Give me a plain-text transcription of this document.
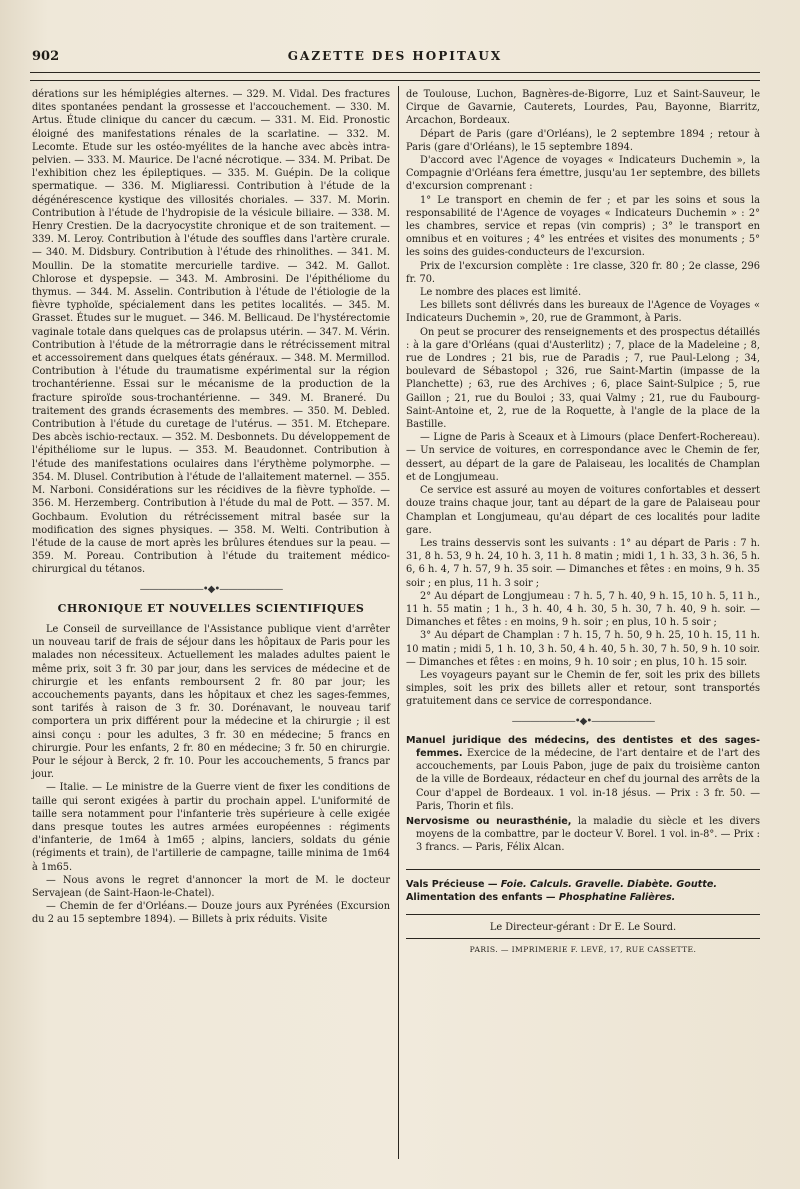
902	GAZETTE DES HOPITAUX

dérations sur les hémiplégies alternes. — 329. M. Vidal. Des fractures dites spontanées pendant la grossesse et l'accouchement. — 330. M. Artus. Étude clinique du cancer du cæcum. — 331. M. Eid. Pronostic éloigné des manifestations rénales de la scarlatine. — 332. M. Lecomte. Etude sur les ostéo-myélites de la hanche avec abcès intra-pelvien. — 333. M. Maurice. De l'acné nécrotique. — 334. M. Pribat. De l'exhibition chez les épileptiques. — 335. M. Guépin. De la colique spermatique. — 336. M. Migliaressi. Contribution à l'étude de la dégénérescence kystique des villosités choriales. — 337. M. Morin. Contribution à l'étude de l'hydropisie de la vésicule biliaire. — 338. M. Henry Crestien. De la dacryocystite chronique et de son traitement. — 339. M. Leroy. Contribution à l'étude des souffles dans l'artère crurale. — 340. M. Didsbury. Contribution à l'étude des rhinolithes. — 341. M. Moullin. De la stomatite mercurielle tardive. — 342. M. Gallot. Chlorose et dyspepsie. — 343. M. Ambrosini. De l'épithéliome du thymus. — 344. M. Asselin. Contribution à l'étude de l'étiologie de la fièvre typhoïde, spécialement dans les petites localités. — 345. M. Grasset. Études sur le muguet. — 346. M. Bellicaud. De l'hystérectomie vaginale totale dans quelques cas de prolapsus utérin. — 347. M. Vérin. Contribution à l'étude de la métrorragie dans le rétrécissement mitral et accessoirement dans quelques états généraux. — 348. M. Mermillod. Contribution à l'étude du traumatisme expérimental sur la région trochantérienne. Essai sur le mécanisme de la production de la fracture spiroïde sous-trochantérienne. — 349. M. Braneré. Du traitement des grands écrasements des membres. — 350. M. Debled. Contribution à l'étude du curetage de l'utérus. — 351. M. Etchepare. Des abcès ischio-rectaux. — 352. M. Desbonnets. Du développement de l'épithéliome sur le lupus. — 353. M. Beaudonnet. Contribution à l'étude des manifestations oculaires dans l'érythème polymorphe. — 354. M. Dlusel. Contribution à l'étude de l'allaitement maternel. — 355. M. Narboni. Considérations sur les récidives de la fièvre typhoïde. — 356. M. Herzemberg. Contribution à l'étude du mal de Pott. — 357. M. Gochbaum. Evolution du rétrécissement mitral basée sur la modification des signes physiques. — 358. M. Welti. Contribution à l'étude de la cause de mort après les brûlures étendues sur la peau. — 359. M. Poreau. Contribution à l'étude du traitement médico-chirurgical du tétanos.

———————•◆•———————
CHRONIQUE ET NOUVELLES SCIENTIFIQUES

Le Conseil de surveillance de l'Assistance publique vient d'arrêter un nouveau tarif de frais de séjour dans les hôpitaux de Paris pour les malades non nécessiteux. Actuellement les malades adultes paient le même prix, soit 3 fr. 30 par jour, dans les services de médecine et de chirurgie et les enfants remboursent 2 fr. 80 par jour; les accouchements payants, dans les hôpitaux et chez les sages-femmes, sont tarifés à raison de 3 fr. 30. Dorénavant, le nouveau tarif comportera un prix différent pour la médecine et la chirurgie ; il est ainsi conçu : pour les adultes, 3 fr. 30 en médecine; 5 francs en chirurgie. Pour les enfants, 2 fr. 80 en médecine; 3 fr. 50 en chirurgie. Pour le séjour à Berck, 2 fr. 10. Pour les accouchements, 5 francs par jour.

— Italie. — Le ministre de la Guerre vient de fixer les conditions de taille qui seront exigées à partir du prochain appel. L'uniformité de taille sera notamment pour l'infanterie très supérieure à celle exigée dans presque toutes les autres armées européennes : régiments d'infanterie, de 1m64 à 1m65 ; alpins, lanciers, soldats du génie (régiments et train), de l'artillerie de campagne, taille minima de 1m64 à 1m65.

— Nous avons le regret d'annoncer la mort de M. le docteur Servajean (de Saint-Haon-le-Chatel).

— Chemin de fer d'Orléans.— Douze jours aux Pyrénées (Excursion du 2 au 15 septembre 1894). — Billets à prix réduits. Visite

de Toulouse, Luchon, Bagnères-de-Bigorre, Luz et Saint-Sauveur, le Cirque de Gavarnie, Cauterets, Lourdes, Pau, Bayonne, Biarritz, Arcachon, Bordeaux.

Départ de Paris (gare d'Orléans), le 2 septembre 1894 ; retour à Paris (gare d'Orléans), le 15 septembre 1894.

D'accord avec l'Agence de voyages « Indicateurs Duchemin », la Compagnie d'Orléans fera émettre, jusqu'au 1er septembre, des billets d'excursion comprenant :

1° Le transport en chemin de fer ; et par les soins et sous la responsabilité de l'Agence de voyages « Indicateurs Duchemin » : 2° les chambres, service et repas (vin compris) ; 3° le transport en omnibus et en voitures ; 4° les entrées et visites des monuments ; 5° les soins des guides-conducteurs de l'excursion.

Prix de l'excursion complète : 1re classe, 320 fr. 80 ; 2e classe, 296 fr. 70.

Le nombre des places est limité.

Les billets sont délivrés dans les bureaux de l'Agence de Voyages « Indicateurs Duchemin », 20, rue de Grammont, à Paris.

On peut se procurer des renseignements et des prospectus détaillés : à la gare d'Orléans (quai d'Austerlitz) ; 7, place de la Madeleine ; 8, rue de Londres ; 21 bis, rue de Paradis ; 7, rue Paul-Lelong ; 34, boulevard de Sébastopol ; 326, rue Saint-Martin (impasse de la Planchette) ; 63, rue des Archives ; 6, place Saint-Sulpice ; 5, rue Gaillon ; 21, rue du Bouloi ; 33, quai Valmy ; 21, rue du Faubourg-Saint-Antoine et, 2, rue de la Roquette, à l'angle de la place de la Bastille.

— Ligne de Paris à Sceaux et à Limours (place Denfert-Rochereau). — Un service de voitures, en correspondance avec le Chemin de fer, dessert, au départ de la gare de Palaiseau, les localités de Champlan et de Longjumeau.

Ce service est assuré au moyen de voitures confortables et dessert douze trains chaque jour, tant au départ de la gare de Palaiseau pour Champlan et Longjumeau, qu'au départ de ces localités pour ladite gare.

Les trains desservis sont les suivants : 1° au départ de Paris : 7 h. 31, 8 h. 53, 9 h. 24, 10 h. 3, 11 h. 8 matin ; midi 1, 1 h. 33, 3 h. 36, 5 h. 6, 6 h. 4, 7 h. 57, 9 h. 35 soir. — Dimanches et fêtes : en moins, 9 h. 35 soir ; en plus, 11 h. 3 soir ;

2° Au départ de Longjumeau : 7 h. 5, 7 h. 40, 9 h. 15, 10 h. 5, 11 h., 11 h. 55 matin ; 1 h., 3 h. 40, 4 h. 30, 5 h. 30, 7 h. 40, 9 h. soir. — Dimanches et fêtes : en moins, 9 h. soir ; en plus, 10 h. 5 soir ;

3° Au départ de Champlan : 7 h. 15, 7 h. 50, 9 h. 25, 10 h. 15, 11 h. 10 matin ; midi 5, 1 h. 10, 3 h. 50, 4 h. 40, 5 h. 30, 7 h. 50, 9 h. 10 soir. — Dimanches et fêtes : en moins, 9 h. 10 soir ; en plus, 10 h. 15 soir.

Les voyageurs payant sur le Chemin de fer, soit les prix des billets simples, soit les prix des billets aller et retour, sont transportés gratuitement dans ce service de correspondance.

———————•◆•———————

Manuel juridique des médecins, des dentistes et des sages-femmes. Exercice de la médecine, de l'art dentaire et de l'art des accouchements, par Louis Pabon, juge de paix du troisième canton de la ville de Bordeaux, rédacteur en chef du journal des arrêts de la Cour d'appel de Bordeaux. 1 vol. in-18 jésus. — Prix : 3 fr. 50. — Paris, Thorin et fils.

Nervosisme ou neurasthénie, la maladie du siècle et les divers moyens de la combattre, par le docteur V. Borel. 1 vol. in-8°. — Prix : 3 francs. — Paris, Félix Alcan.

Vals Précieuse — Foie. Calculs. Gravelle. Diabète. Goutte.

Alimentation des enfants — Phosphatine Falières.

Le Directeur-gérant : Dr E. Le Sourd.
PARIS. — IMPRIMERIE F. LEVÉ, 17, RUE CASSETTE.
